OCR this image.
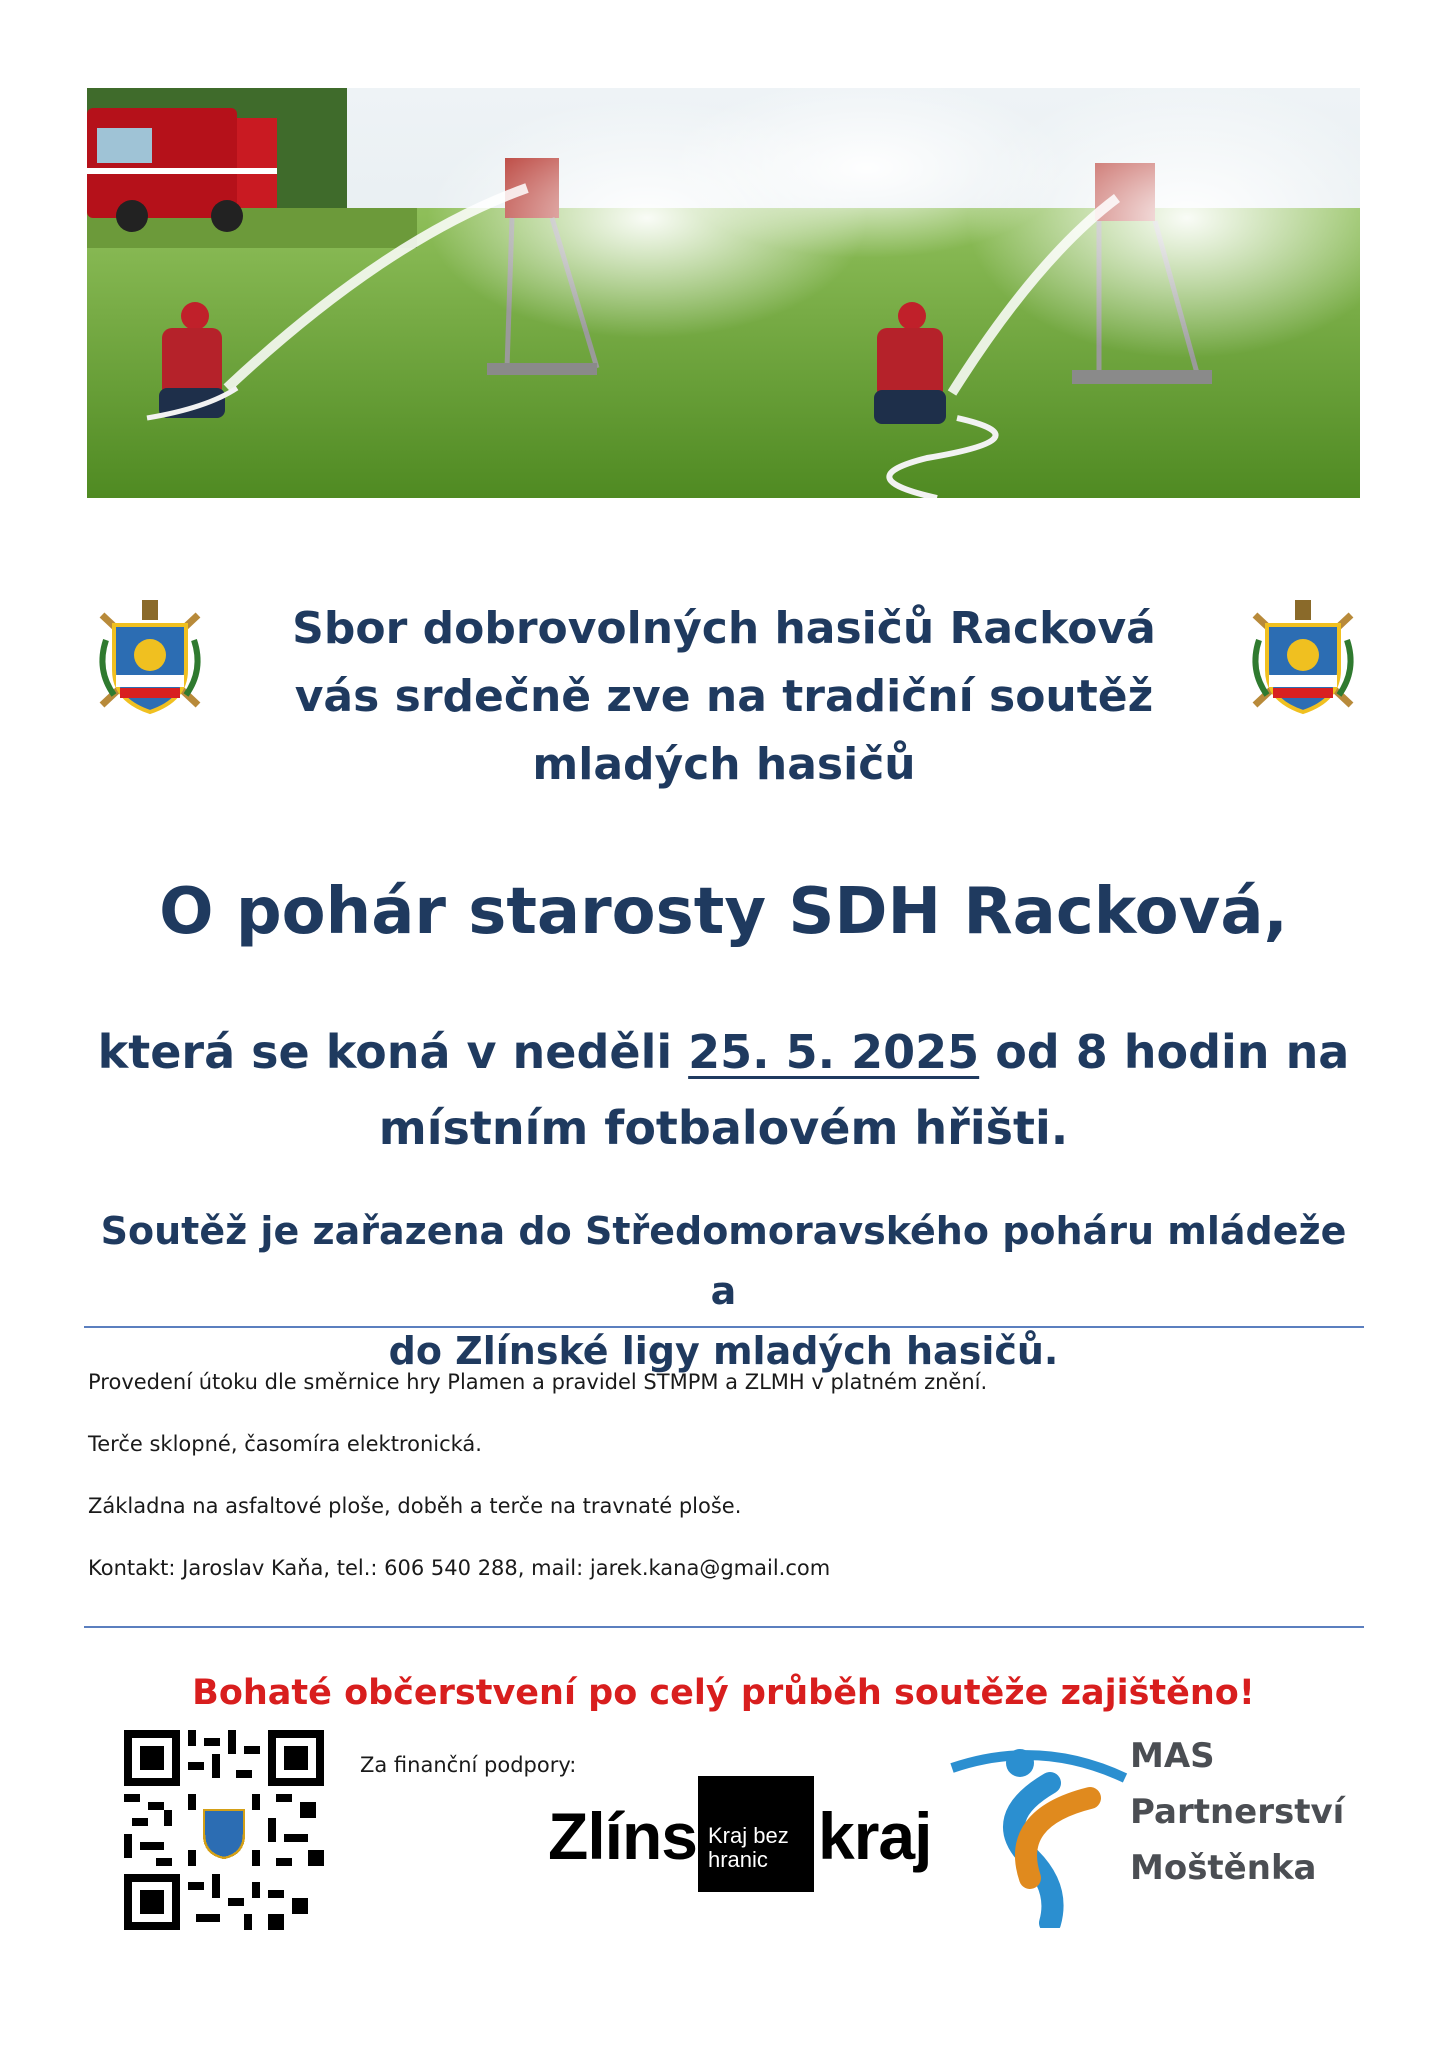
Sbor dobrovolných hasičů Racková
vás srdečně zve na tradiční soutěž
mladých hasičů
O pohár starosty SDH Racková,
která se koná v neděli 25. 5. 2025 od 8 hodin na
místním fotbalovém hřišti.
Soutěž je zařazena do Středomoravského poháru mládeže a
do Zlínské ligy mladých hasičů.
Provedení útoku dle směrnice hry Plamen a pravidel STMPM a ZLMH v platném znění.
Terče sklopné, časomíra elektronická.
Základna na asfaltové ploše, doběh a terče na travnaté ploše.
Kontakt: Jaroslav Kaňa, tel.: 606 540 288, mail: jarek.kana@gmail.com
Bohaté občerstvení po celý průběh soutěže zajištěno!
Za finanční podpory:
Zlíns kraj
Kraj bez
hranic
MAS
Partnerství
Moštěnka
